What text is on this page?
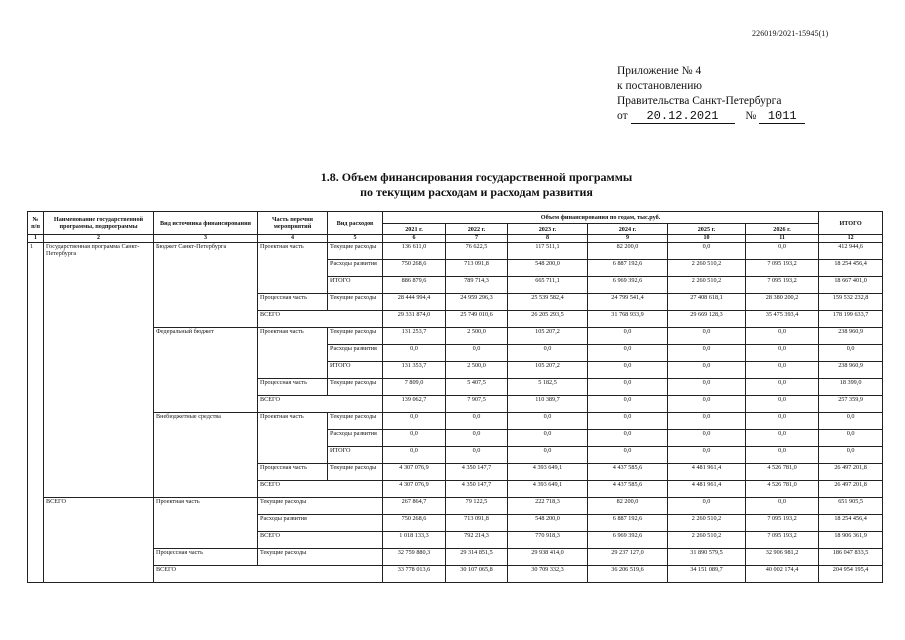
226019/2021-15945(1)
Приложение № 4
к постановлению
Правительства Санкт-Петербурга
от 20.12.2021 № 1011
1.8. Объем финансирования государственной программы
по текущим расходам и расходам развития
№ п/п	Наименование государственной программы, подпрограммы	Вид источника финансирования	Часть перечня мероприятий	Вид расходов	Объем финансирования по годам, тыс.руб.						ИТОГО
					2021 г.	2022 г.	2023 г.	2024 г.	2025 г.	2026 г.	
1	2	3	4	5	6	7	8	9	10	11	12
1	Государственная программа Санкт-Петербурга	Бюджет Санкт-Петербурга	Проектная часть	Текущие расходы	136 611,0	76 622,5	117 511,1	82 200,0	0,0	0,0	412 944,6
				Расходы развития	750 268,6	713 091,8	548 200,0	6 887 192,6	2 260 510,2	7 095 193,2	18 254 456,4
				ИТОГО	886 879,6	789 714,3	665 711,1	6 969 392,6	2 260 510,2	7 095 193,2	18 667 401,0
			Процессная часть	Текущие расходы	28 444 994,4	24 959 296,3	25 539 582,4	24 799 541,4	27 408 618,1	28 380 200,2	159 532 232,8
			ВСЕГО		29 331 874,0	25 749 010,6	26 205 293,5	31 768 933,9	29 669 128,3	35 475 393,4	178 199 633,7
		Федеральный бюджет	Проектная часть	Текущие расходы	131 253,7	2 500,0	105 207,2	0,0	0,0	0,0	238 960,9
				Расходы развития	0,0	0,0	0,0	0,0	0,0	0,0	0,0
				ИТОГО	131 353,7	2 500,0	105 207,2	0,0	0,0	0,0	238 960,9
			Процессная часть	Текущие расходы	7 809,0	5 407,5	5 182,5	0,0	0,0	0,0	18 399,0
			ВСЕГО		139 062,7	7 907,5	110 389,7	0,0	0,0	0,0	257 359,9
		Внебюджетные средства	Проектная часть	Текущие расходы	0,0	0,0	0,0	0,0	0,0	0,0	0,0
				Расходы развития	0,0	0,0	0,0	0,0	0,0	0,0	0,0
				ИТОГО	0,0	0,0	0,0	0,0	0,0	0,0	0,0
			Процессная часть	Текущие расходы	4 307 076,9	4 350 147,7	4 393 649,1	4 437 585,6	4 481 961,4	4 526 781,0	26 497 201,8
			ВСЕГО		4 307 076,9	4 350 147,7	4 393 649,1	4 437 585,6	4 481 961,4	4 526 781,0	26 497 201,8
	ВСЕГО	Проектная часть	Текущие расходы		267 864,7	79 122,5	222 718,3	82 200,0	0,0	0,0	651 905,5
			Расходы развития		750 268,6	713 091,8	548 200,0	6 887 192,6	2 260 510,2	7 095 193,2	18 254 456,4
			ВСЕГО		1 018 133,3	792 214,3	770 918,3	6 969 392,6	2 260 510,2	7 095 193,2	18 906 361,9
		Процессная часть	Текущие расходы		32 759 880,3	29 314 851,5	29 938 414,0	29 237 127,0	31 890 579,5	32 906 981,2	186 047 833,5
		ВСЕГО			33 778 013,6	30 107 065,8	30 709 332,3	36 206 519,6	34 151 089,7	40 002 174,4	204 954 195,4
